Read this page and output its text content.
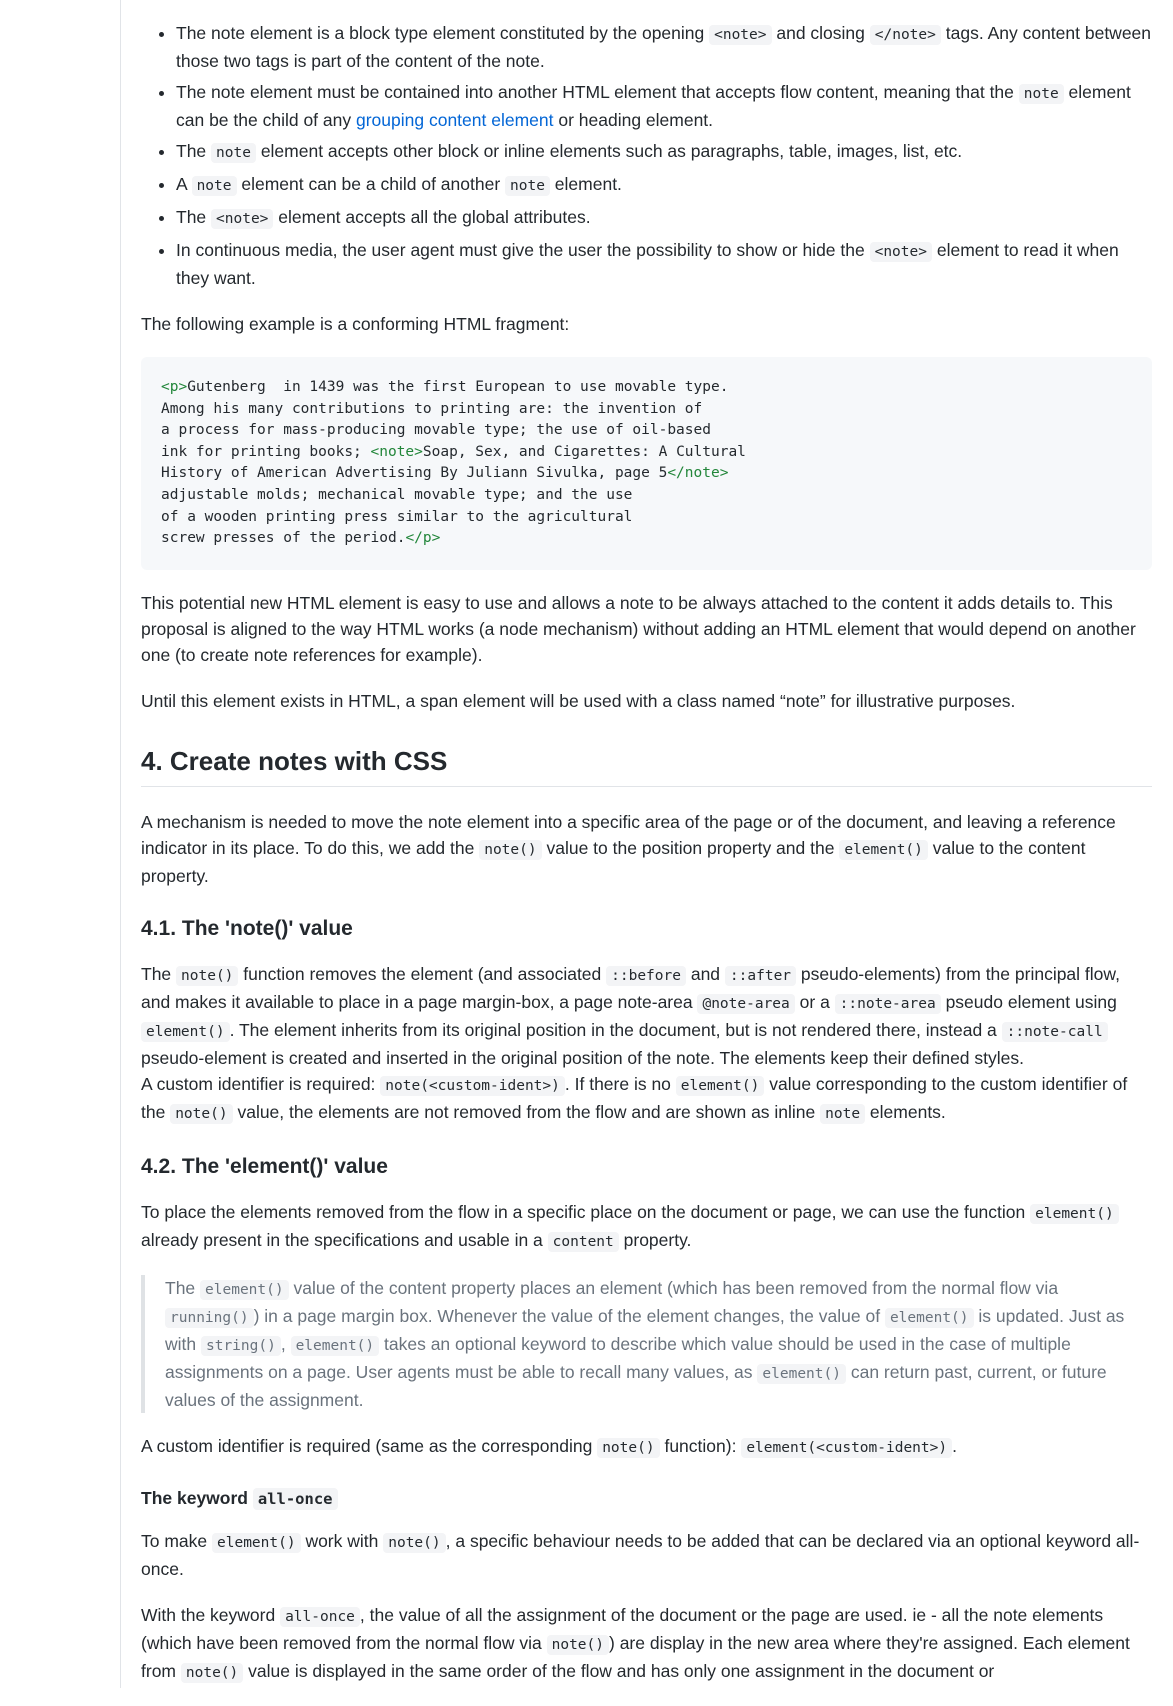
• The note element is a block type element constituted by the opening <note> and closing </note> tags. Any content between those two tags is part of the content of the note.
• The note element must be contained into another HTML element that accepts flow content, meaning that the note element can be the child of any grouping content element or heading element.
• The note element accepts other block or inline elements such as paragraphs, table, images, list, etc.
• A note element can be a child of another note element.
• The <note> element accepts all the global attributes.
• In continuous media, the user agent must give the user the possibility to show or hide the <note> element to read it when they want.

The following example is a conforming HTML fragment:

<p>Gutenberg  in 1439 was the first European to use movable type.
Among his many contributions to printing are: the invention of
a process for mass-producing movable type; the use of oil-based
ink for printing books; <note>Soap, Sex, and Cigarettes: A Cultural
History of American Advertising By Juliann Sivulka, page 5</note>
adjustable molds; mechanical movable type; and the use
of a wooden printing press similar to the agricultural
screw presses of the period.</p>

This potential new HTML element is easy to use and allows a note to be always attached to the content it adds details to. This proposal is aligned to the way HTML works (a node mechanism) without adding an HTML element that would depend on another one (to create note references for example).

Until this element exists in HTML, a span element will be used with a class named “note” for illustrative purposes.

4. Create notes with CSS

A mechanism is needed to move the note element into a specific area of the page or of the document, and leaving a reference indicator in its place. To do this, we add the note() value to the position property and the element() value to the content property.

4.1. The 'note()' value

The note() function removes the element (and associated ::before and ::after pseudo-elements) from the principal flow, and makes it available to place in a page margin-box, a page note-area @note-area or a ::note-area pseudo element using element() . The element inherits from its original position in the document, but is not rendered there, instead a ::note-call pseudo-element is created and inserted in the original position of the note. The elements keep their defined styles.

A custom identifier is required: note(<custom-ident>) . If there is no element() value corresponding to the custom identifier of the note() value, the elements are not removed from the flow and are shown as inline note elements.

4.2. The 'element()' value

To place the elements removed from the flow in a specific place on the document or page, we can use the function element() already present in the specifications and usable in a content property.

The element() value of the content property places an element (which has been removed from the normal flow via running() ) in a page margin box. Whenever the value of the element changes, the value of element() is updated. Just as with string() , element() takes an optional keyword to describe which value should be used in the case of multiple assignments on a page. User agents must be able to recall many values, as element() can return past, current, or future values of the assignment.

A custom identifier is required (same as the corresponding note() function): element(<custom-ident>) .

The keyword all-once

To make element() work with note() , a specific behaviour needs to be added that can be declared via an optional keyword all-once.

With the keyword all-once , the value of all the assignment of the document or the page are used. ie - all the note elements (which have been removed from the normal flow via note() ) are display in the new area where they're assigned. Each element from note() value is displayed in the same order of the flow and has only one assignment in the document or
